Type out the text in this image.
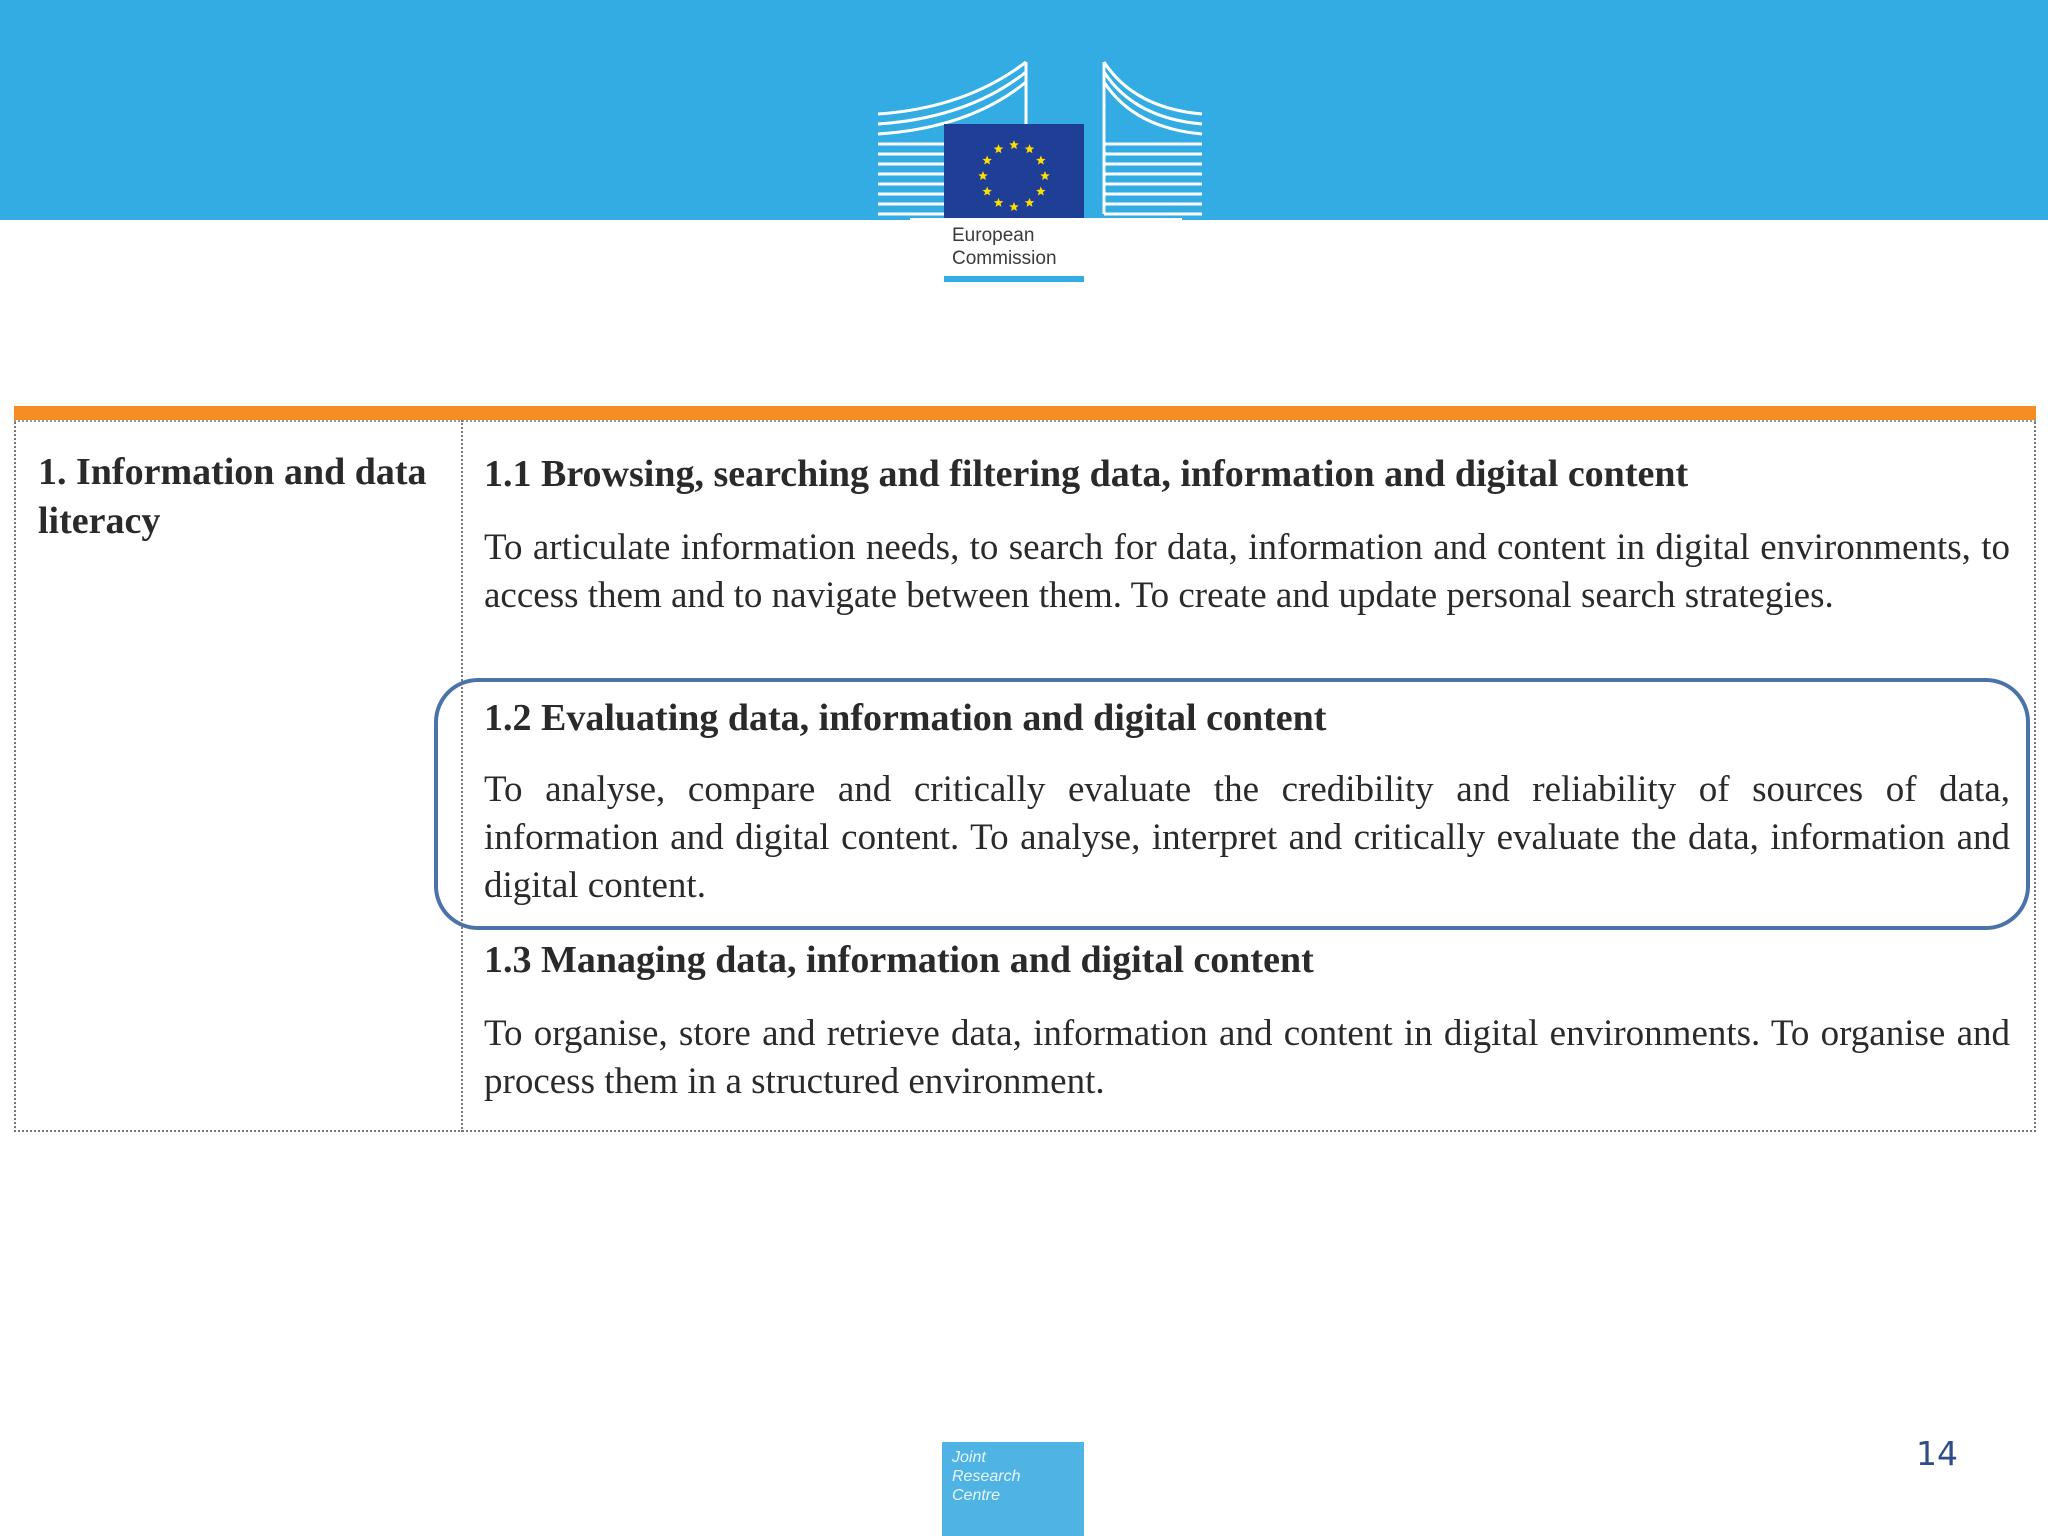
European
Commission
1. Information and data literacy
1.1 Browsing, searching and filtering data, information and digital content
To articulate information needs, to search for data, information and content in digital environments, to access them and to navigate between them. To create and update personal search strategies.
1.2 Evaluating data, information and digital content
To analyse, compare and critically evaluate the credibility and reliability of sources of data, information and digital content. To analyse, interpret and critically evaluate the data, information and digital content.
1.3 Managing data, information and digital content
To organise, store and retrieve data, information and content in digital environments. To organise and process them in a structured environment.
Joint
Research
Centre
14
